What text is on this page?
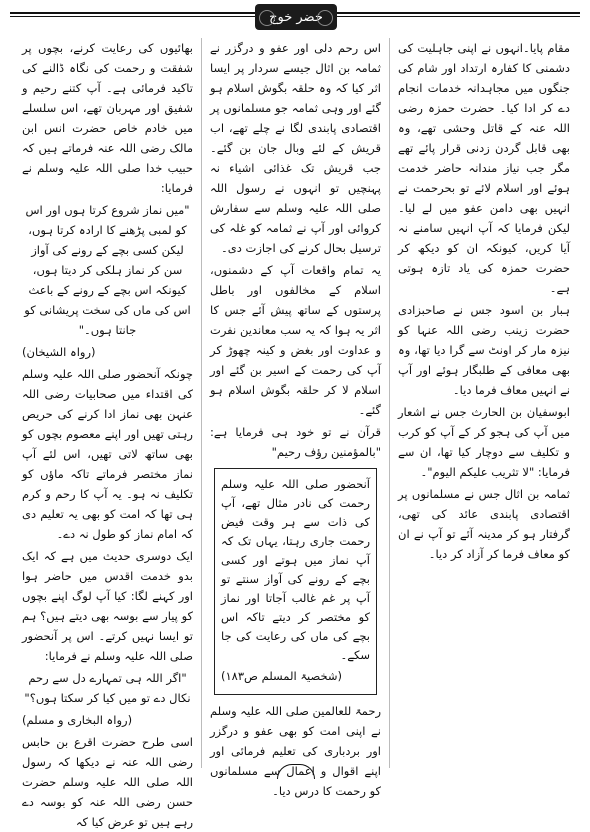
خضر خوج

مقام پایا۔انہوں نے اپنی جاہلیت کی دشمنی کا کفارہ ارتداد اور شام کی جنگوں میں مجاہدانہ خدمات انجام دے کر ادا کیا۔ حضرت حمزہ رضی اللہ عنہ کے قاتل وحشی تھے، وہ بھی قابل گردن زدنی قرار پائے تھے مگر جب نیاز مندانہ حاضر خدمت ہوئے اور اسلام لائے تو بحرحمت نے انہیں بھی دامن عفو میں لے لیا۔ لیکن فرمایا کہ آپ انہیں سامنے نہ آیا کریں، کیونکہ ان کو دیکھ کر حضرت حمزہ کی یاد تازہ ہوتی ہے۔

ہبار بن اسود جس نے صاحبزادی حضرت زینب رضی اللہ عنہا کو نیزہ مار کر اونٹ سے گرا دیا تھا، وہ بھی معافی کے طلبگار ہوئے اور آپ نے انہیں معاف فرما دیا۔

ابوسفیان بن الحارث جس نے اشعار میں آپ کی ہجو کر کے آپ کو کرب و تکلیف سے دوچار کیا تھا، ان سے فرمایا: "لا تثریب علیکم الیوم"۔

ثمامہ بن اثال جس نے مسلمانوں پر اقتصادی پابندی عائد کی تھی، گرفتار ہو کر مدینہ آئے تو آپ نے ان کو معاف فرما کر آزاد کر دیا۔

اس رحم دلی اور عفو و درگزر نے ثمامہ بن اثال جیسے سردار پر ایسا اثر کیا کہ وہ حلقہ بگوش اسلام ہو گئے اور وہی ثمامہ جو مسلمانوں پر اقتصادی پابندی لگا نے چلے تھے، اب قریش کے لئے وبال جان بن گئے۔ جب قریش تک غذائی اشیاء نہ پہنچیں تو انہوں نے رسول اللہ صلی اللہ علیہ وسلم سے سفارش کروائی اور آپ نے ثمامہ کو غلہ کی ترسیل بحال کرنے کی اجازت دی۔

یہ تمام واقعات آپ کے دشمنوں، اسلام کے مخالفوں اور باطل پرستوں کے ساتھ پیش آئے جس کا اثر یہ ہوا کہ یہ سب معاندین نفرت و عداوت اور بغض و کینہ چھوڑ کر آپ کی رحمت کے اسیر بن گئے اور اسلام لا کر حلقہ بگوش اسلام ہو گئے۔

قرآن نے تو خود ہی فرمایا ہے: "بالمؤمنین رؤف رحیم"

آنحضور صلی اللہ علیہ وسلم رحمت کی نادر مثال تھے، آپ کی ذات سے ہر وقت فیض رحمت جاری رہتا، یہاں تک کہ آپ نماز میں ہوتے اور کسی بچے کے رونے کی آواز سنتے تو آپ پر غم غالب آجاتا اور نماز کو مختصر کر دیتے تاکہ اس بچے کی ماں کی رعایت کی جا سکے۔

(شخصیۃ المسلم ص۱۸۳)

رحمۃ للعالمین صلی اللہ علیہ وسلم نے اپنی امت کو بھی عفو و درگزر اور بردباری کی تعلیم فرمائی اور اپنے اقوال و اعمال سے مسلمانوں کو رحمت کا درس دیا۔

بھائیوں کی رعایت کرنے، بچوں پر شفقت و رحمت کی نگاہ ڈالنے کی تاکید فرمائی ہے۔ آپ کتنے رحیم و شفیق اور مہربان تھے، اس سلسلے میں خادم خاص حضرت انس ابن مالک رضی اللہ عنہ فرماتے ہیں کہ حبیب خدا صلی اللہ علیہ وسلم نے فرمایا:

"میں نماز شروع کرتا ہوں اور اس کو لمبی پڑھنے کا ارادہ کرتا ہوں، لیکن کسی بچے کے رونے کی آواز سن کر نماز ہلکی کر دیتا ہوں، کیونکہ اس بچے کے رونے کے باعث اس کی ماں کی سخت پریشانی کو جانتا ہوں۔"

(رواہ الشیخان)

چونکہ آنحضور صلی اللہ علیہ وسلم کی اقتداء میں صحابیات رضی اللہ عنہن بھی نماز ادا کرنے کی حریص رہتی تھیں اور اپنے معصوم بچوں کو بھی ساتھ لاتی تھیں، اس لئے آپ نماز مختصر فرماتے تاکہ ماؤں کو تکلیف نہ ہو۔ یہ آپ کا رحم و کرم ہی تھا کہ امت کو بھی یہ تعلیم دی کہ امام نماز کو طول نہ دے۔

ایک دوسری حدیث میں ہے کہ ایک بدو خدمت اقدس میں حاضر ہوا اور کہنے لگا: کیا آپ لوگ اپنے بچوں کو پیار سے بوسہ بھی دیتے ہیں؟ ہم تو ایسا نہیں کرتے۔ اس پر آنحضور صلی اللہ علیہ وسلم نے فرمایا:

"اگر اللہ ہی تمہارے دل سے رحم نکال دے تو میں کیا کر سکتا ہوں؟"

(رواہ البخاری و مسلم)

اسی طرح حضرت اقرع بن حابس رضی اللہ عنہ نے دیکھا کہ رسول اللہ صلی اللہ علیہ وسلم حضرت حسن رضی اللہ عنہ کو بوسہ دے رہے ہیں تو عرض کیا کہ
